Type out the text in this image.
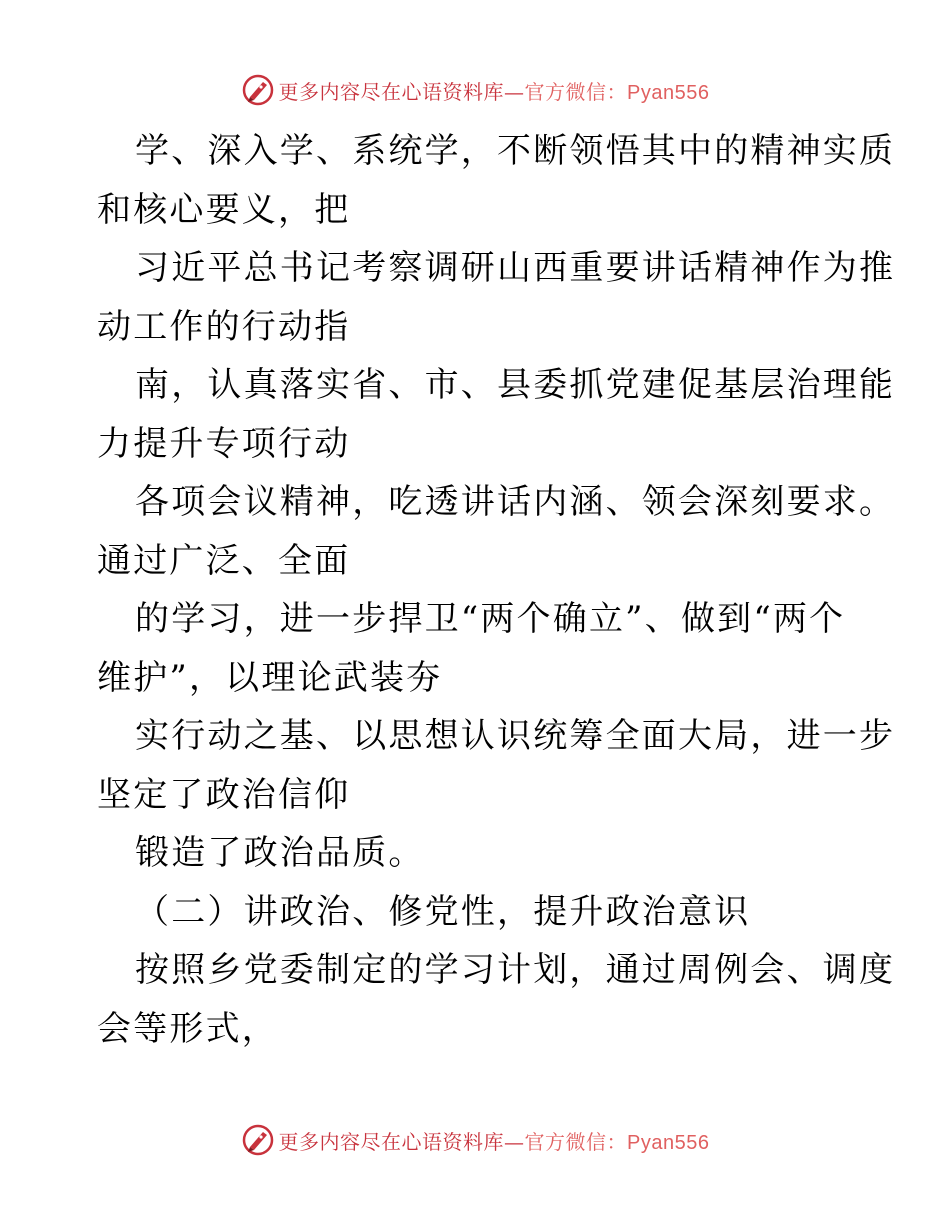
更多内容尽在心语资料库—官方微信：Pyan556
学、深入学、系统学，不断领悟其中的精神实质
和核心要义，把
习近平总书记考察调研山西重要讲话精神作为推
动工作的行动指
南，认真落实省、市、县委抓党建促基层治理能
力提升专项行动
各项会议精神，吃透讲话内涵、领会深刻要求。
通过广泛、全面
的学习，进一步捍卫“两个确立”、做到“两个
维护”，以理论武装夯
实行动之基、以思想认识统筹全面大局，进一步
坚定了政治信仰
锻造了政治品质。
（二）讲政治、修党性，提升政治意识
按照乡党委制定的学习计划，通过周例会、调度
会等形式，
更多内容尽在心语资料库—官方微信：Pyan556
